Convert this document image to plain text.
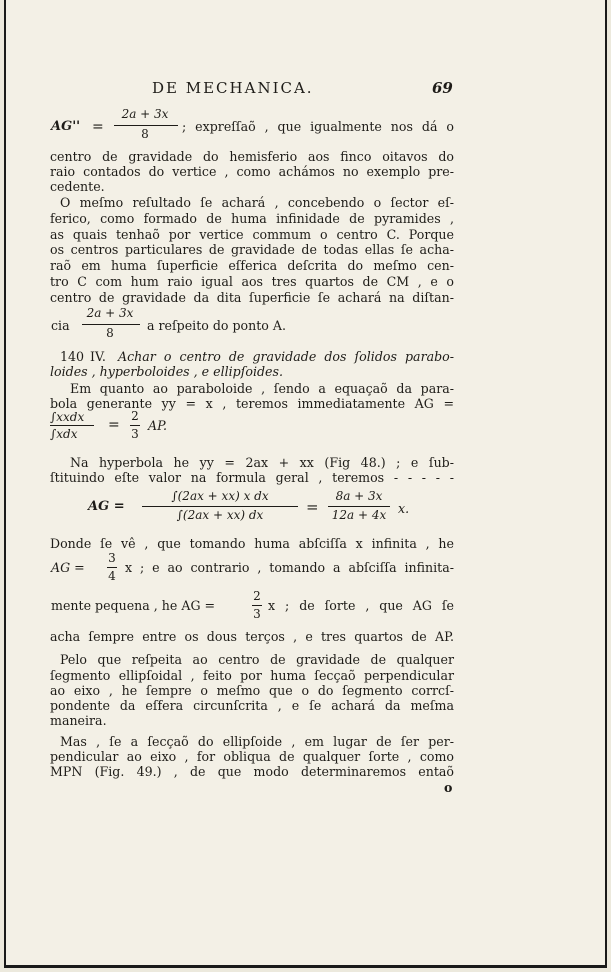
DE MECHANICA.	69
AG'' =
2a + 3x
8	; expreſſaõ , que igualmente nos dá o
centro de gravidade do hemisferio aos finco oitavos do
raio contados do vertice , como achámos no exemplo pre-
cedente.
O meſmo reſultado ſe achará , concebendo o ſector eſ-
ferico, como formado de huma infinidade de pyramides ,
as quais tenhaõ por vertice commum o centro C. Porque
os centros particulares de gravidade de todas ellas ſe acha-
raõ em huma ſuperficie eſferica deſcrita do meſmo cen-
tro C com hum raio igual aos tres quartos de CM , e o
centro de gravidade da dita ſuperficie ſe achará na diſtan-
cia
2a + 3x
8	a reſpeito do ponto A.
140 IV. Achar o centro de gravidade dos ſolidos parabo-
loides , hyperboloides , e ellipſoides.
Em quanto ao paraboloide , ſendo a equaçaõ da para-
bola generante yy = x , teremos immediatamente AG =
∫xxdx
∫xdx
=
2
3
AP.
Na hyperbola he yy = 2ax + xx (Fig 48.) ; e ſub-
ſtituindo eſte valor na formula geral , teremos - - - - -
AG =
∫(2ax + xx) x dx
∫(2ax + xx) dx	=
8a + 3x
12a + 4x x.
Donde ſe vê , que tomando huma abſciſſa x infinita , he
AG =
3
4
x ; e ao contrario , tomando a abſciſſa infinita-
mente pequena , he AG =
2
3
x ; de ſorte , que AG ſe
acha ſempre entre os dous terços , e tres quartos de AP.
Pelo que reſpeita ao centro de gravidade de qualquer
ſegmento ellipſoidal , feito por huma ſecçaõ perpendicular
ao eixo , he ſempre o meſmo que o do ſegmento corrcſ-
pondente da eſfera circunſcrita , e ſe achará da meſma
maneira.
Mas , ſe a ſecçaõ do ellipſoide , em lugar de ſer per-
pendicular ao eixo , for obliqua de qualquer ſorte , como
MPN (Fig. 49.) , de que modo determinaremos entaõ
o
